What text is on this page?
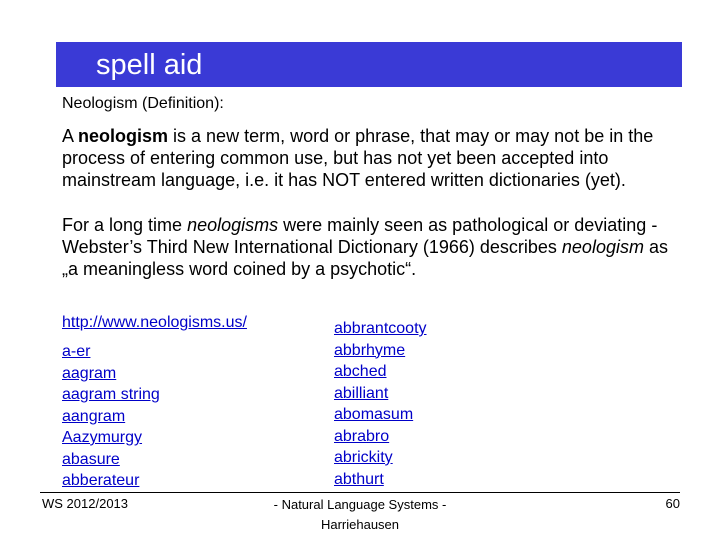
spell aid
Neologism (Definition):

A neologism is a new term, word or phrase, that may or may not be in the process of entering common use, but has not yet been accepted into mainstream language, i.e. it has NOT entered written dictionaries (yet).

For a long time neologisms were mainly seen as pathological or deviating - Webster’s Third New International Dictionary (1966) describes neologism as „a meaningless word coined by a psychotic“.

http://www.neologisms.us/
a-er
aagram
aagram string
aangram
Aazymurgy
abasure
abberateur
abbrantcooty
abbrhyme
abched
abilliant
abomasum
abrabro
abrickity
abthurt
WS 2012/2013	- Natural Language Systems - Harriehausen
60
